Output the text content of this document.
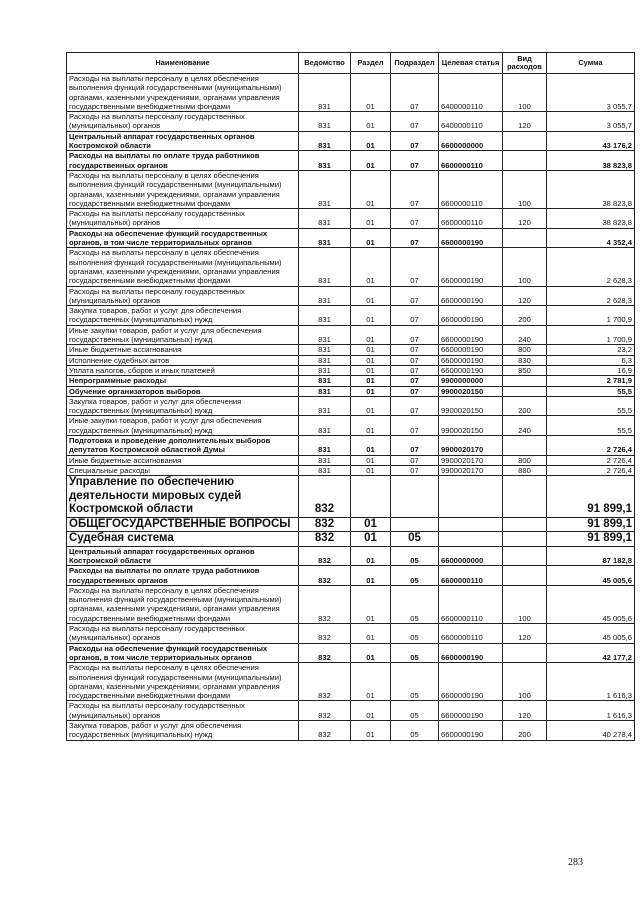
Наименование	Ведомство	Раздел	Подраздел	Целевая статья	Вид расходов	Сумма
Расходы на выплаты персоналу в целях обеспечения выполнения функций государственными (муниципальными) органами, казенными учреждениями, органами управления государственными внебюджетными фондами	831	01	07	6400000110	100	3 055,7
Расходы на выплаты персоналу государственных (муниципальных) органов	831	01	07	6400000110	120	3 055,7
Центральный аппарат государственных органов Костромской области	831	01	07	6600000000		43 176,2
Расходы на выплаты по оплате труда работников государственных органов	831	01	07	6600000110		38 823,8
Расходы на выплаты персоналу в целях обеспечения выполнения функций государственными (муниципальными) органами, казенными учреждениями, органами управления государственными внебюджетными фондами	831	01	07	6600000110	100	38 823,8
Расходы на выплаты персоналу государственных (муниципальных) органов	831	01	07	6600000110	120	38 823,8
Расходы на обеспечение функций государственных органов, в том числе территориальных органов	831	01	07	6600000190		4 352,4
Расходы на выплаты персоналу в целях обеспечения выполнения функций государственными (муниципальными) органами, казенными учреждениями, органами управления государственными внебюджетными фондами	831	01	07	6600000190	100	2 628,3
Расходы на выплаты персоналу государственных (муниципальных) органов	831	01	07	6600000190	120	2 628,3
Закупка товаров, работ и услуг для обеспечения государственных (муниципальных) нужд	831	01	07	6600000190	200	1 700,9
Иные закупки товаров, работ и услуг для обеспечения государственных (муниципальных) нужд	831	01	07	6600000190	240	1 700,9
Иные бюджетные ассигнования	831	01	07	6600000190	800	23,2
Исполнение судебных актов	831	01	07	6600000190	830	6,3
Уплата налогов, сборов и иных платежей	831	01	07	6600000190	850	16,9
Непрограммные расходы	831	01	07	9900000000		2 781,9
Обучение организаторов выборов	831	01	07	9900020150		55,5
Закупка товаров, работ и услуг для обеспечения государственных (муниципальных) нужд	831	01	07	9900020150	200	55,5
Иные закупки товаров, работ и услуг для обеспечения государственных (муниципальных) нужд	831	01	07	9900020150	240	55,5
Подготовка и проведение дополнительных выборов депутатов Костромской областной Думы	831	01	07	9900020170		2 726,4
Иные бюджетные ассигнования	831	01	07	9900020170	800	2 726,4
Специальные расходы	831	01	07	9900020170	880	2 726,4
Управление по обеспечению деятельности мировых судей Костромской области	832					91 899,1
ОБЩЕГОСУДАРСТВЕННЫЕ ВОПРОСЫ	832	01				91 899,1
Судебная система	832	01	05			91 899,1
Центральный аппарат государственных органов Костромской области	832	01	05	6600000000		87 182,8
Расходы на выплаты по оплате труда работников государственных органов	832	01	05	6600000110		45 005,6
Расходы на выплаты персоналу в целях обеспечения выполнения функций государственными (муниципальными) органами, казенными учреждениями, органами управления государственными внебюджетными фондами	832	01	05	6600000110	100	45 005,6
Расходы на выплаты персоналу государственных (муниципальных) органов	832	01	05	6600000110	120	45 005,6
Расходы на обеспечение функций государственных органов, в том числе территориальных органов	832	01	05	6600000190		42 177,2
Расходы на выплаты персоналу в целях обеспечения выполнения функций государственными (муниципальными) органами, казенными учреждениями, органами управления государственными внебюджетными фондами	832	01	05	6600000190	100	1 616,3
Расходы на выплаты персоналу государственных (муниципальных) органов	832	01	05	6600000190	120	1 616,3
Закупка товаров, работ и услуг для обеспечения государственных (муниципальных) нужд	832	01	05	6600000190	200	40 278,4
283
